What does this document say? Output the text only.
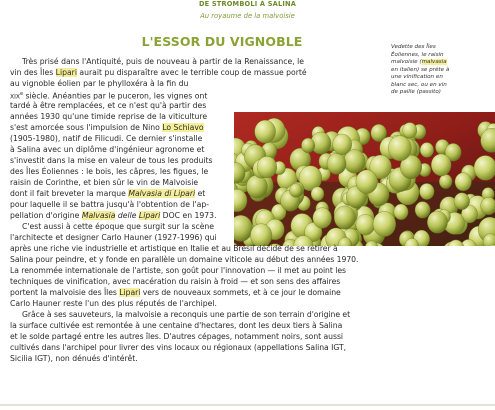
DE STROMBOLI À SALINA
Au royaume de la malvoisie
L'ESSOR DU VIGNOBLE	Vedette des Îles
Éoliennes, le raisin
malvoisie (malvasia
en italien) se prête à
une vinification en
blanc sec, ou en vin
de paille (passito)
Très prisé dans l'Antiquité, puis de nouveau à partir de la Renaissance, le
vin des Îles Lipari aurait pu disparaître avec le terrible coup de massue porté
au vignoble éolien par le phylloxéra à la fin du
XIXe siècle. Anéanties par le puceron, les vignes ont
tardé à être remplacées, et ce n'est qu'à partir des
années 1930 qu'une timide reprise de la viticulture
s'est amorcée sous l'impulsion de Nino Lo Schiavo
(1905-1980), natif de Filicudi. Ce dernier s'installe
à Salina avec un diplôme d'ingénieur agronome et
s'investit dans la mise en valeur de tous les produits
des Îles Éoliennes : le bois, les câpres, les figues, le
raisin de Corinthe, et bien sûr le vin de Malvoisie
dont il fait breveter la marque Malvasia di Lipari et
pour laquelle il se battra jusqu'à l'obtention de l'ap-
pellation d'origine Malvasia delle Lipari DOC en 1973.
C'est aussi à cette époque que surgit sur la scène
l'architecte et designer Carlo Hauner (1927-1996) qui
après une riche vie industrielle et artistique en Italie et au Brésil décide de se retirer à
Salina pour peindre, et y fonde en parallèle un domaine viticole au début des années 1970.
La renommée internationale de l'artiste, son goût pour l'innovation — il met au point les
techniques de vinification, avec macération du raisin à froid — et son sens des affaires
portent la malvoisie des Îles Lipari vers de nouveaux sommets, et à ce jour le domaine
Carlo Hauner reste l'un des plus réputés de l'archipel.
Grâce à ses sauveteurs, la malvoisie a reconquis une partie de son terrain d'origine et
la surface cultivée est remontée à une centaine d'hectares, dont les deux tiers à Salina
et le solde partagé entre les autres îles. D'autres cépages, notamment noirs, sont aussi
cultivés dans l'archipel pour livrer des vins locaux ou régionaux (appellations Salina IGT,
Sicilia IGT), non dénués d'intérêt.
